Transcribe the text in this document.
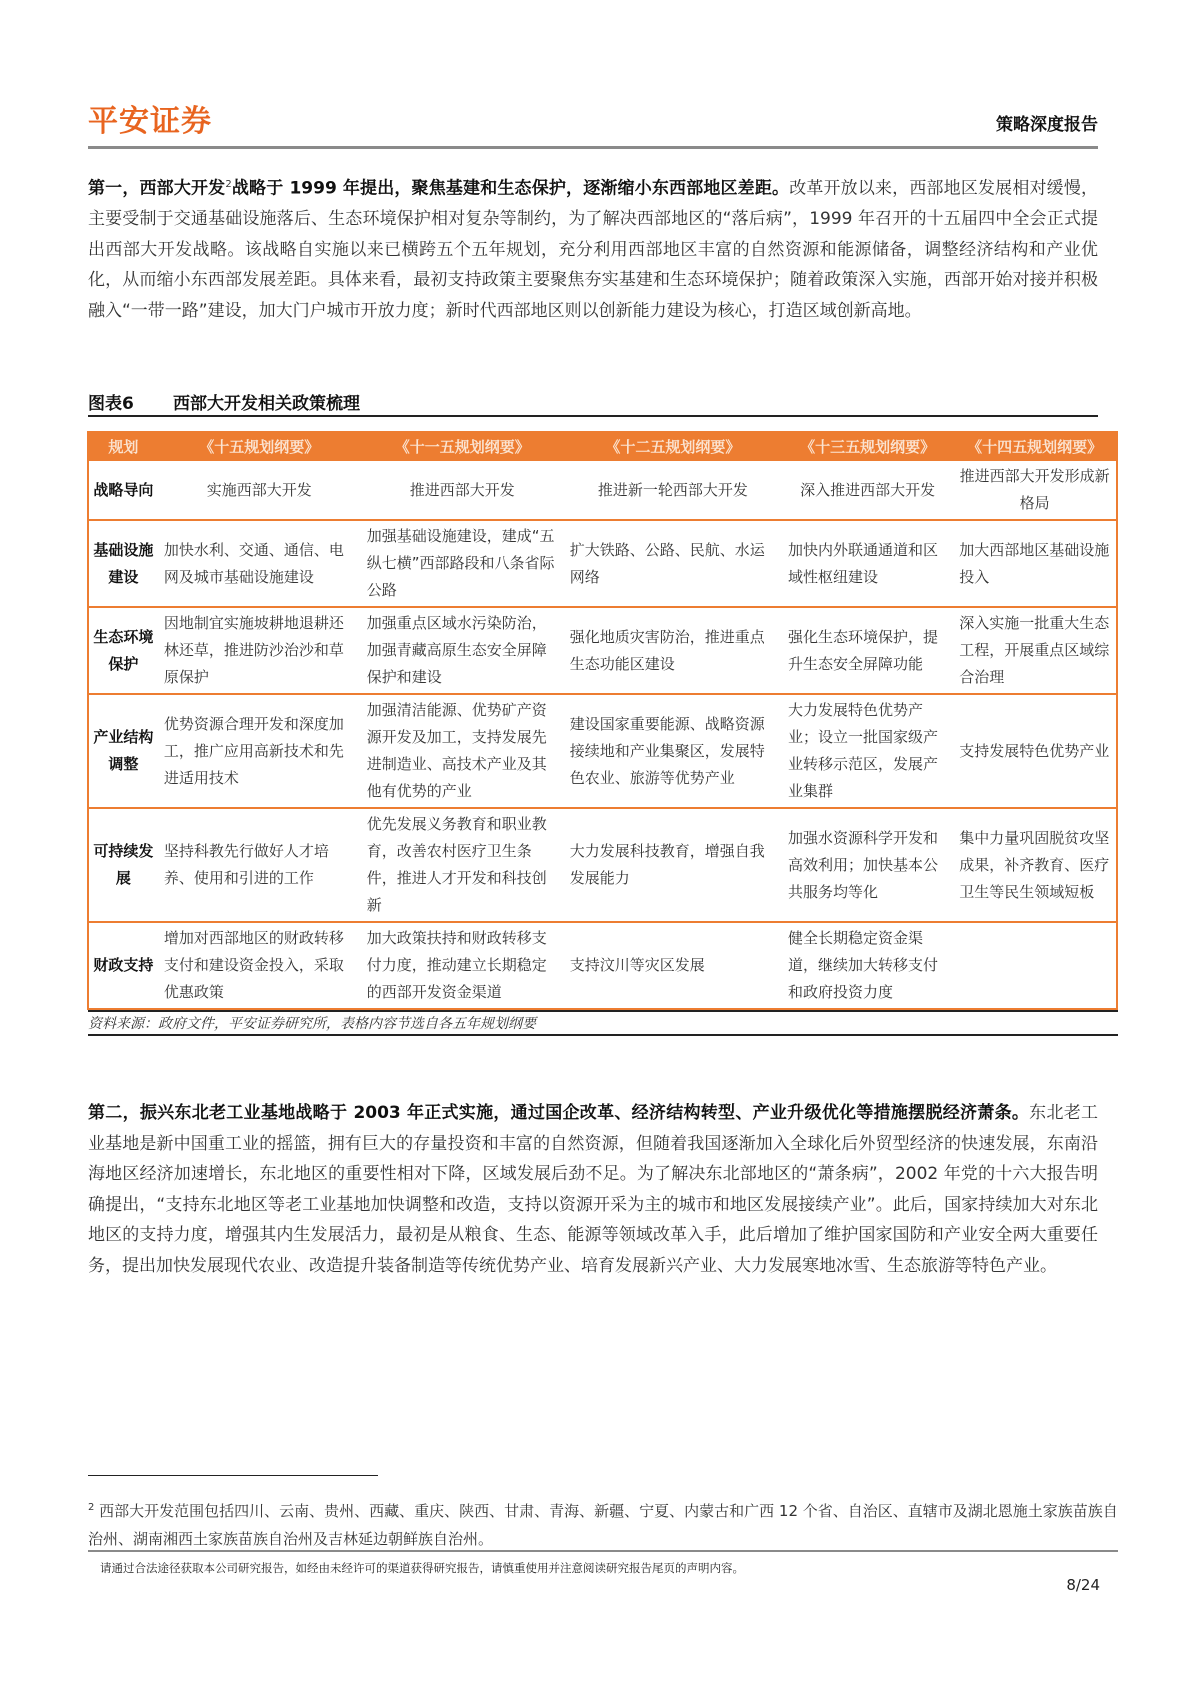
平安证券	策略深度报告
第一，西部大开发$^2$战略于 1999 年提出，聚焦基建和生态保护，逐渐缩小东西部地区差距。改革开放以来，西部地区发展相对缓慢，主要受制于交通基础设施落后、生态环境保护相对复杂等制约，为了解决西部地区的“落后病”，1999 年召开的十五届四中全会正式提出西部大开发战略。该战略自实施以来已横跨五个五年规划，充分利用西部地区丰富的自然资源和能源储备，调整经济结构和产业优化，从而缩小东西部发展差距。具体来看，最初支持政策主要聚焦夯实基建和生态环境保护；随着政策深入实施，西部开始对接并积极融入“一带一路”建设，加大门户城市开放力度；新时代西部地区则以创新能力建设为核心，打造区域创新高地。
图表6 西部大开发相关政策梳理
规划	《十五规划纲要》	《十一五规划纲要》	《十二五规划纲要》	《十三五规划纲要》	《十四五规划纲要》
战略导向	实施西部大开发	推进西部大开发	推进新一轮西部大开发	深入推进西部大开发	推进西部大开发形成新格局
基础设施建设	加快水利、交通、通信、电网及城市基础设施建设	加强基础设施建设，建成“五纵七横”西部路段和八条省际公路	扩大铁路、公路、民航、水运网络	加快内外联通通道和区域性枢纽建设	加大西部地区基础设施投入
生态环境保护	因地制宜实施坡耕地退耕还林还草，推进防沙治沙和草原保护	加强重点区域水污染防治，加强青藏高原生态安全屏障保护和建设	强化地质灾害防治，推进重点生态功能区建设	强化生态环境保护，提升生态安全屏障功能	深入实施一批重大生态工程，开展重点区域综合治理
产业结构调整	优势资源合理开发和深度加工，推广应用高新技术和先进适用技术	加强清洁能源、优势矿产资源开发及加工，支持发展先进制造业、高技术产业及其他有优势的产业	建设国家重要能源、战略资源接续地和产业集聚区，发展特色农业、旅游等优势产业	大力发展特色优势产业；设立一批国家级产业转移示范区，发展产业集群	支持发展特色优势产业
可持续发展	坚持科教先行做好人才培养、使用和引进的工作	优先发展义务教育和职业教育，改善农村医疗卫生条件，推进人才开发和科技创新	大力发展科技教育，增强自我发展能力	加强水资源科学开发和高效利用；加快基本公共服务均等化	集中力量巩固脱贫攻坚成果，补齐教育、医疗卫生等民生领域短板
财政支持	增加对西部地区的财政转移支付和建设资金投入，采取优惠政策	加大政策扶持和财政转移支付力度，推动建立长期稳定的西部开发资金渠道	支持汶川等灾区发展	健全长期稳定资金渠道，继续加大转移支付和政府投资力度	
资料来源：政府文件，平安证券研究所，表格内容节选自各五年规划纲要
第二，振兴东北老工业基地战略于 2003 年正式实施，通过国企改革、经济结构转型、产业升级优化等措施摆脱经济萧条。东北老工业基地是新中国重工业的摇篮，拥有巨大的存量投资和丰富的自然资源，但随着我国逐渐加入全球化后外贸型经济的快速发展，东南沿海地区经济加速增长，东北地区的重要性相对下降，区域发展后劲不足。为了解决东北部地区的“萧条病”，2002 年党的十六大报告明确提出，“支持东北地区等老工业基地加快调整和改造，支持以资源开采为主的城市和地区发展接续产业”。此后，国家持续加大对东北地区的支持力度，增强其内生发展活力，最初是从粮食、生态、能源等领域改革入手，此后增加了维护国家国防和产业安全两大重要任务，提出加快发展现代农业、改造提升装备制造等传统优势产业、培育发展新兴产业、大力发展寒地冰雪、生态旅游等特色产业。
$^2$ 西部大开发范围包括四川、云南、贵州、西藏、重庆、陕西、甘肃、青海、新疆、宁夏、内蒙古和广西 12 个省、自治区、直辖市及湖北恩施土家族苗族自治州、湖南湘西土家族苗族自治州及吉林延边朝鲜族自治州。
请通过合法途径获取本公司研究报告，如经由未经许可的渠道获得研究报告，请慎重使用并注意阅读研究报告尾页的声明内容。
8/24
